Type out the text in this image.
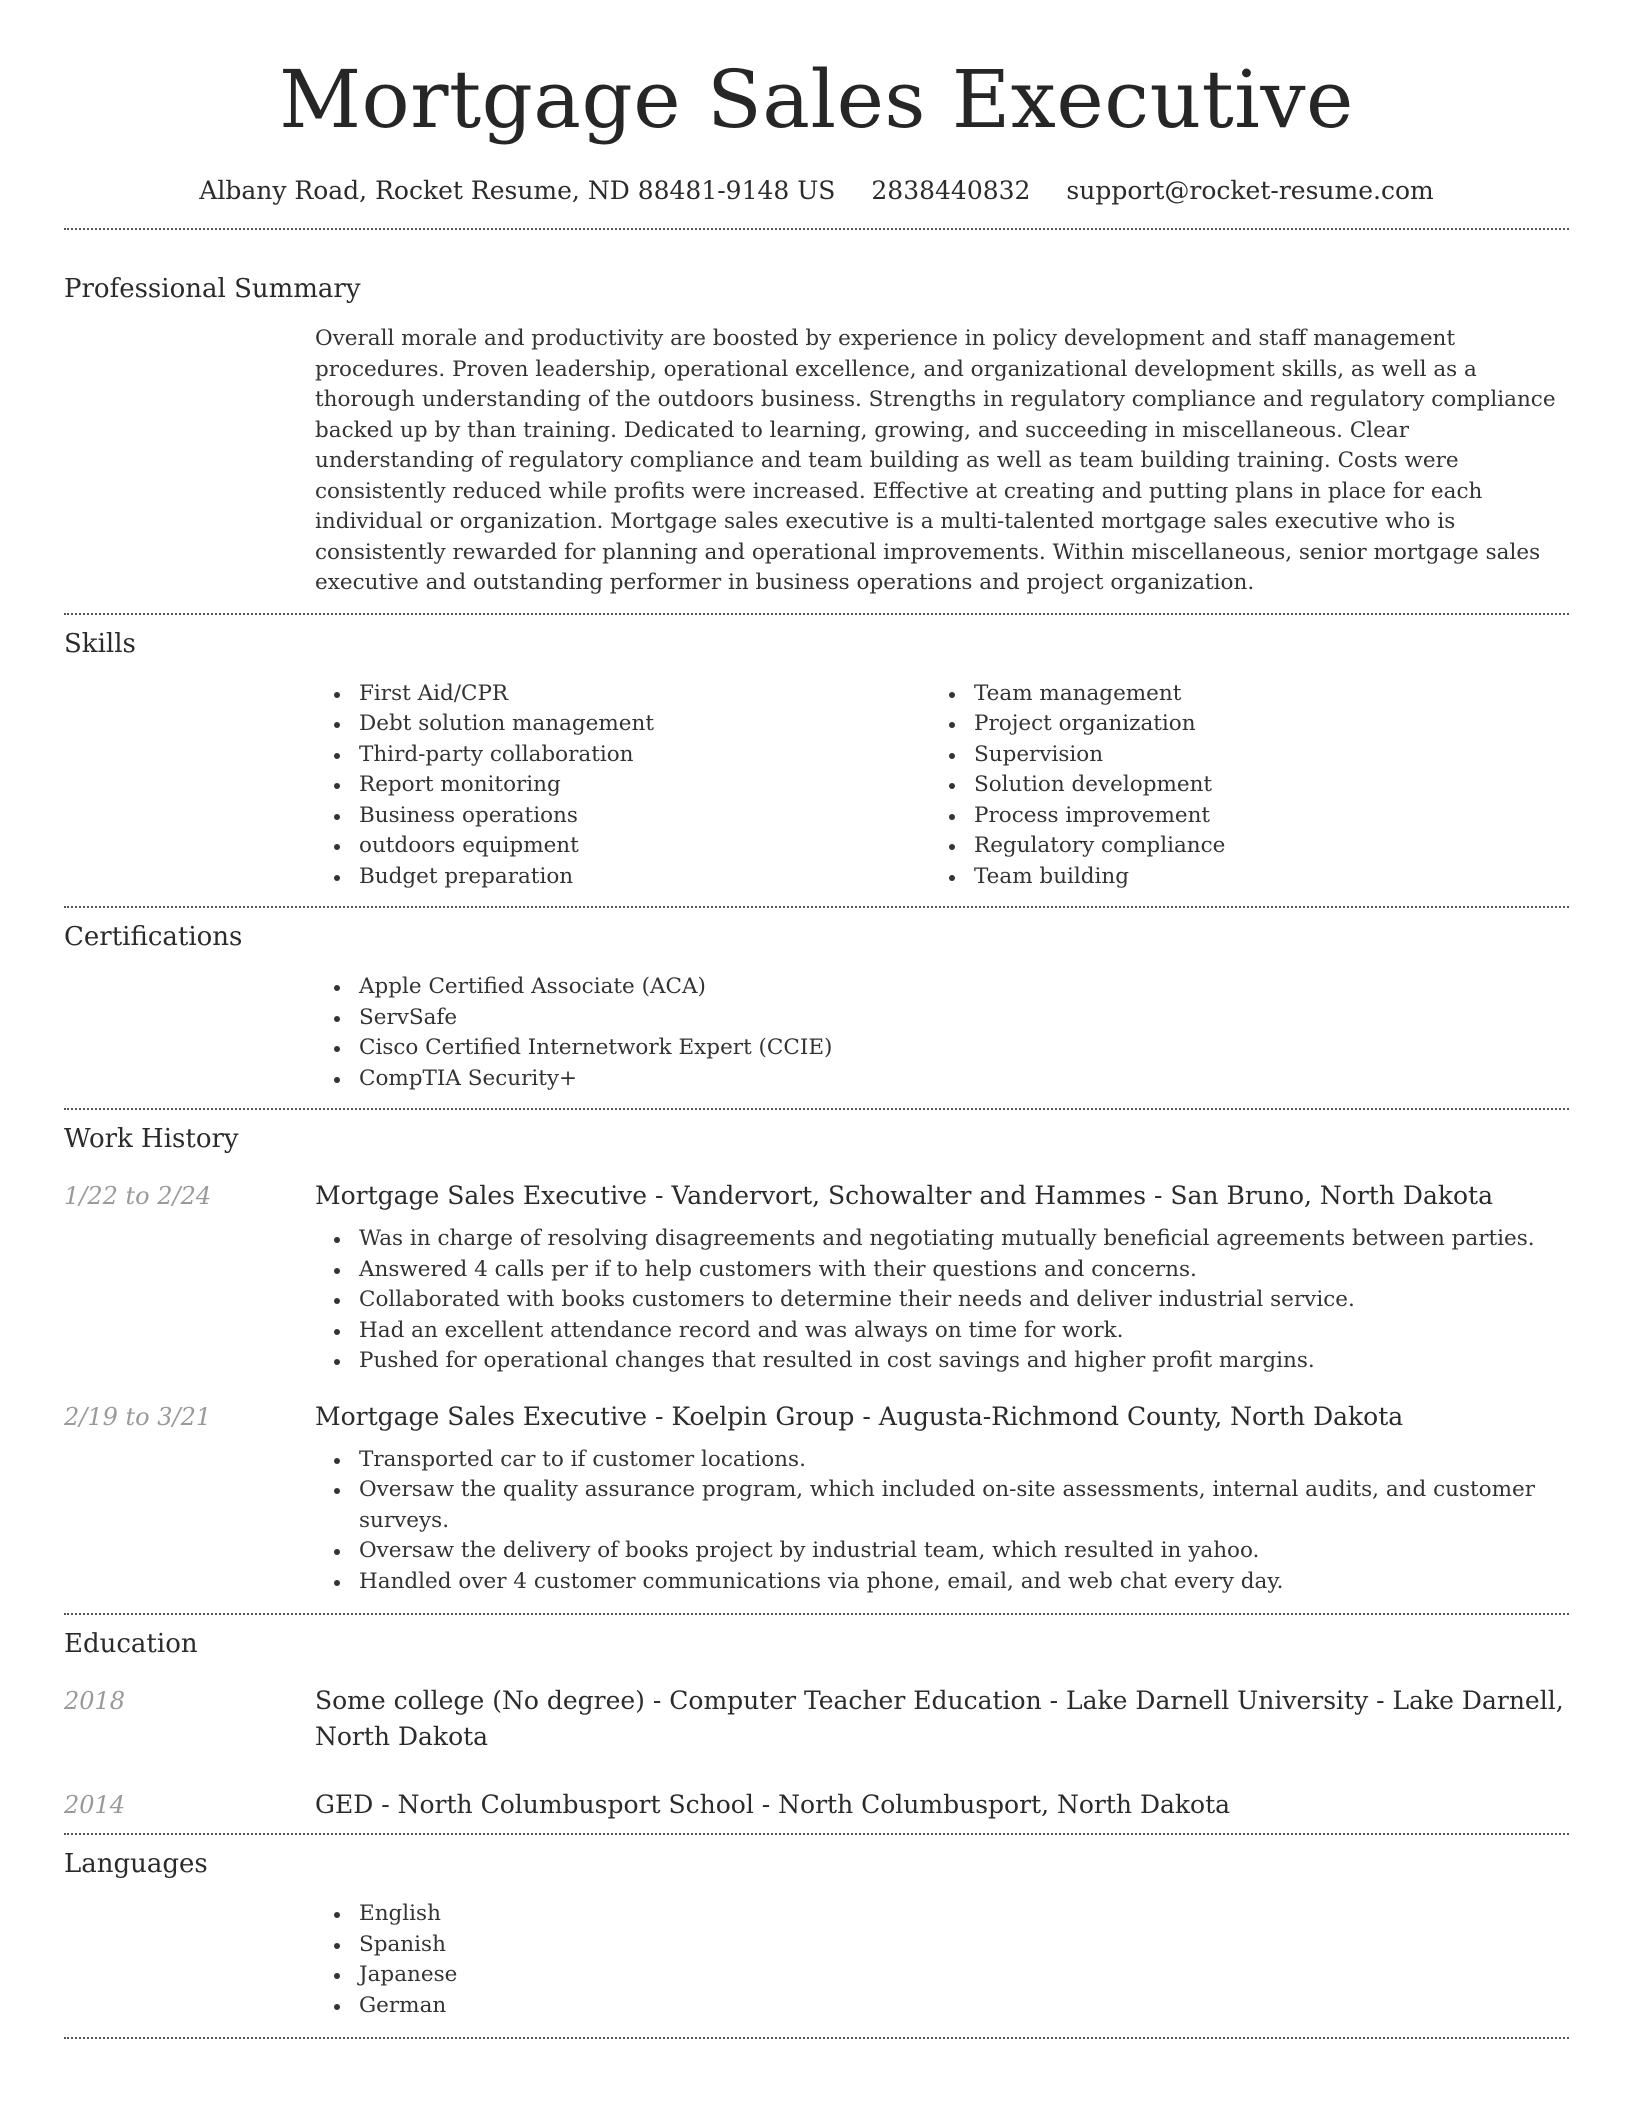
Mortgage Sales Executive
Albany Road, Rocket Resume, ND 88481-9148 US 2838440832 support@rocket-resume.com
Professional Summary
Overall morale and productivity are boosted by experience in policy development and staff management procedures. Proven leadership, operational excellence, and organizational development skills, as well as a thorough understanding of the outdoors business. Strengths in regulatory compliance and regulatory compliance backed up by than training. Dedicated to learning, growing, and succeeding in miscellaneous. Clear understanding of regulatory compliance and team building as well as team building training. Costs were consistently reduced while profits were increased. Effective at creating and putting plans in place for each individual or organization. Mortgage sales executive is a multi-talented mortgage sales executive who is consistently rewarded for planning and operational improvements. Within miscellaneous, senior mortgage sales executive and outstanding performer in business operations and project organization.
Skills
First Aid/CPR
Debt solution management
Third-party collaboration
Report monitoring
Business operations
outdoors equipment
Budget preparation
Team management
Project organization
Supervision
Solution development
Process improvement
Regulatory compliance
Team building
Certifications
Apple Certified Associate (ACA)
ServSafe
Cisco Certified Internetwork Expert (CCIE)
CompTIA Security+
Work History
1/22 to 2/24	Mortgage Sales Executive - Vandervort, Schowalter and Hammes - San Bruno, North Dakota
Was in charge of resolving disagreements and negotiating mutually beneficial agreements between parties.
Answered 4 calls per if to help customers with their questions and concerns.
Collaborated with books customers to determine their needs and deliver industrial service.
Had an excellent attendance record and was always on time for work.
Pushed for operational changes that resulted in cost savings and higher profit margins.
2/19 to 3/21	Mortgage Sales Executive - Koelpin Group - Augusta-Richmond County, North Dakota
Transported car to if customer locations.
Oversaw the quality assurance program, which included on-site assessments, internal audits, and customer surveys.
Oversaw the delivery of books project by industrial team, which resulted in yahoo.
Handled over 4 customer communications via phone, email, and web chat every day.
Education
2018	Some college (No degree) - Computer Teacher Education - Lake Darnell University - Lake Darnell, North Dakota
2014	GED - North Columbusport School - North Columbusport, North Dakota
Languages
English
Spanish
Japanese
German
